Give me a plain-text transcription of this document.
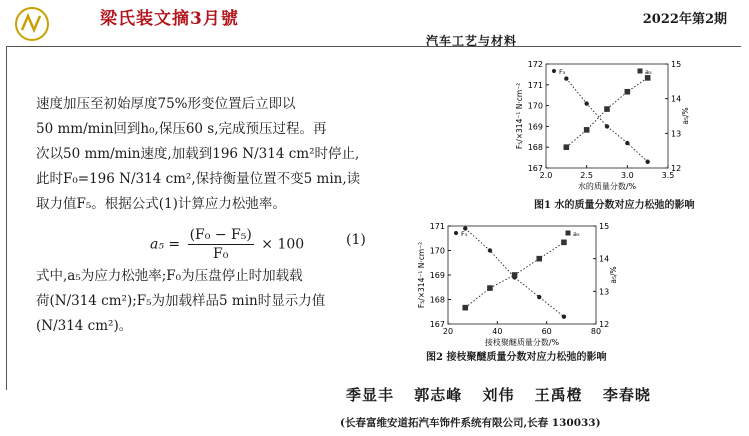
梁氏装文摘3月號	2022年第2期
汽车工艺与材料
速度加压至初始厚度75%形变位置后立即以
50 mm/min回到h₀,保压60 s,完成预压过程。再
次以50 mm/min速度,加载到196 N/314 cm²时停止,
此时F₀=196 N/314 cm²,保持衡量位置不变5 min,读
取力值F₅。根据公式(1)计算应力松弛率。
$a_5 = \frac{\text{(F₀ − F₅)}}{\text{F₀}} \times 100$	(1)
式中,a₅为应力松弛率;F₀为压盘停止时加载载
荷(N/314 cm²);F₅为加载样品5 min时显示力值
(N/314 cm²)。
2.0	2.5	3.0	3.5
167
168
169
170
171
172
12
13
14
15
水的质量分数/%
F₅/×314⁻¹ N·cm⁻²	a₅/%
F₅	a₅
图1 水的质量分数对应力松弛的影响
20	40	60	80
167
168
169
170
171
12
13
14
15
接枝聚醚质量分数/%
F₅/×314⁻¹ N·cm⁻²	a₅/%
F₅	a₅
图2 接枝聚醚质量分数对应力松弛的影响
季显丰 郭志峰 刘伟 王禹橙 李春晓
(长春富维安道拓汽车饰件系统有限公司,长春 130033)
